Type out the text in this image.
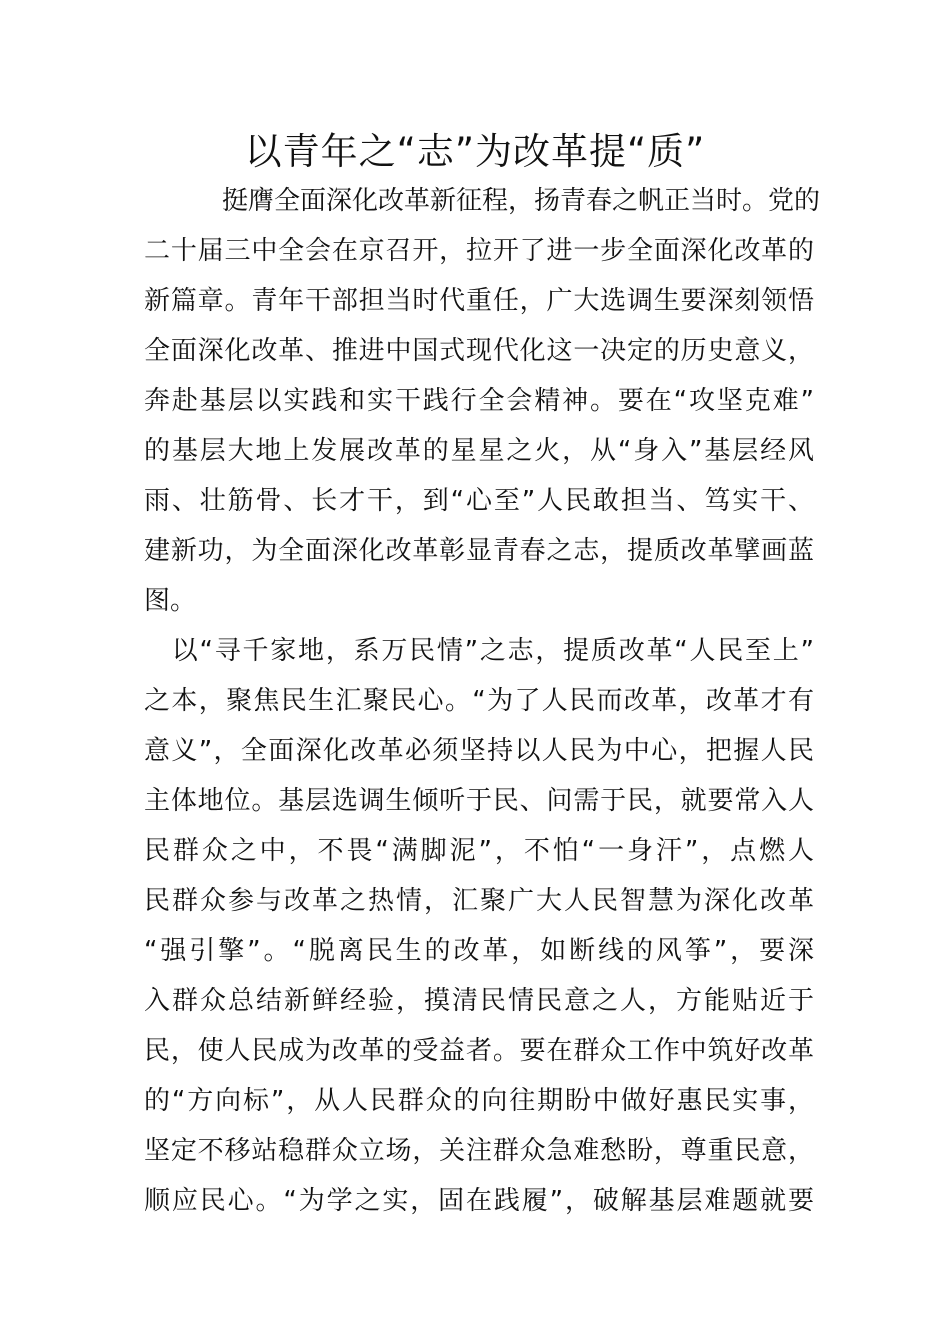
以青年之“志”为改革提“质”
　　　挺膺全面深化改革新征程，扬青春之帆正当时。党的
二十届三中全会在京召开，拉开了进一步全面深化改革的
新篇章。青年干部担当时代重任，广大选调生要深刻领悟
全面深化改革、推进中国式现代化这一决定的历史意义，
奔赴基层以实践和实干践行全会精神。要在“攻坚克难”
的基层大地上发展改革的星星之火，从“身入”基层经风
雨、壮筋骨、长才干，到“心至”人民敢担当、笃实干、
建新功，为全面深化改革彰显青春之志，提质改革擘画蓝
图。
　以“寻千家地，系万民情”之志，提质改革“人民至上”
之本，聚焦民生汇聚民心。“为了人民而改革，改革才有
意义”，全面深化改革必须坚持以人民为中心，把握人民
主体地位。基层选调生倾听于民、问需于民，就要常入人
民群众之中，不畏“满脚泥”，不怕“一身汗”，点燃人
民群众参与改革之热情，汇聚广大人民智慧为深化改革
“强引擎”。“脱离民生的改革，如断线的风筝”，要深
入群众总结新鲜经验，摸清民情民意之人，方能贴近于
民，使人民成为改革的受益者。要在群众工作中筑好改革
的“方向标”，从人民群众的向往期盼中做好惠民实事，
坚定不移站稳群众立场，关注群众急难愁盼，尊重民意，
顺应民心。“为学之实，固在践履”，破解基层难题就要
